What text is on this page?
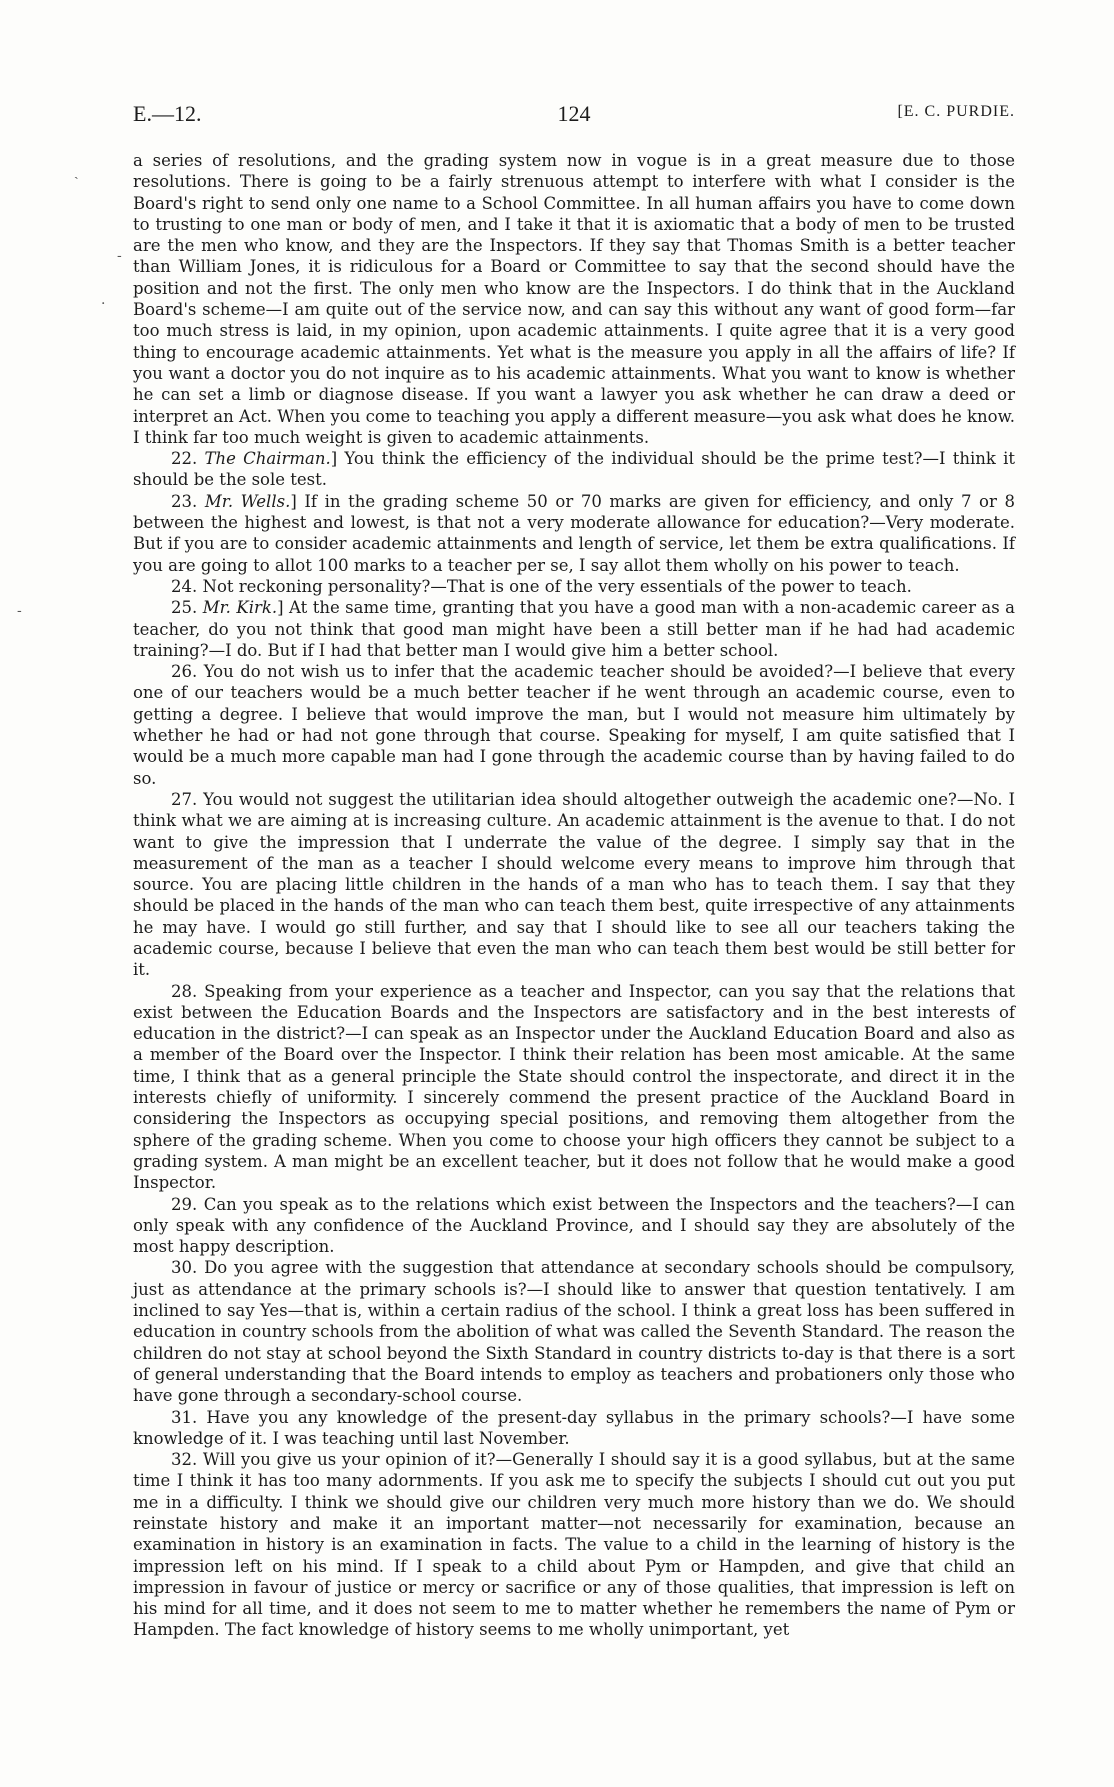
E.—12.	124	[E. C. PURDIE.
ˏ
-
·
-

a series of resolutions, and the grading system now in vogue is in a great measure due to those resolutions. There is going to be a fairly strenuous attempt to interfere with what I consider is the Board's right to send only one name to a School Committee. In all human affairs you have to come down to trusting to one man or body of men, and I take it that it is axiomatic that a body of men to be trusted are the men who know, and they are the Inspectors. If they say that Thomas Smith is a better teacher than William Jones, it is ridiculous for a Board or Committee to say that the second should have the position and not the first. The only men who know are the Inspectors. I do think that in the Auckland Board's scheme—I am quite out of the service now, and can say this without any want of good form—far too much stress is laid, in my opinion, upon academic attainments. I quite agree that it is a very good thing to encourage academic attainments. Yet what is the measure you apply in all the affairs of life? If you want a doctor you do not inquire as to his academic attainments. What you want to know is whether he can set a limb or diagnose disease. If you want a lawyer you ask whether he can draw a deed or interpret an Act. When you come to teaching you apply a different measure—you ask what does he know. I think far too much weight is given to academic attainments.

22. The Chairman.] You think the efficiency of the individual should be the prime test?—I think it should be the sole test.

23. Mr. Wells.] If in the grading scheme 50 or 70 marks are given for efficiency, and only 7 or 8 between the highest and lowest, is that not a very moderate allowance for education?—Very moderate. But if you are to consider academic attainments and length of service, let them be extra qualifications. If you are going to allot 100 marks to a teacher per se, I say allot them wholly on his power to teach.

24. Not reckoning personality?—That is one of the very essentials of the power to teach.

25. Mr. Kirk.] At the same time, granting that you have a good man with a non-academic career as a teacher, do you not think that good man might have been a still better man if he had had academic training?—I do. But if I had that better man I would give him a better school.

26. You do not wish us to infer that the academic teacher should be avoided?—I believe that every one of our teachers would be a much better teacher if he went through an academic course, even to getting a degree. I believe that would improve the man, but I would not measure him ultimately by whether he had or had not gone through that course. Speaking for myself, I am quite satisfied that I would be a much more capable man had I gone through the academic course than by having failed to do so.

27. You would not suggest the utilitarian idea should altogether outweigh the academic one?—No. I think what we are aiming at is increasing culture. An academic attainment is the avenue to that. I do not want to give the impression that I underrate the value of the degree. I simply say that in the measurement of the man as a teacher I should welcome every means to improve him through that source. You are placing little children in the hands of a man who has to teach them. I say that they should be placed in the hands of the man who can teach them best, quite irrespective of any attainments he may have. I would go still further, and say that I should like to see all our teachers taking the academic course, because I believe that even the man who can teach them best would be still better for it.

28. Speaking from your experience as a teacher and Inspector, can you say that the relations that exist between the Education Boards and the Inspectors are satisfactory and in the best interests of education in the district?—I can speak as an Inspector under the Auckland Education Board and also as a member of the Board over the Inspector. I think their relation has been most amicable. At the same time, I think that as a general principle the State should control the inspectorate, and direct it in the interests chiefly of uniformity. I sincerely commend the present practice of the Auckland Board in considering the Inspectors as occupying special positions, and removing them altogether from the sphere of the grading scheme. When you come to choose your high officers they cannot be subject to a grading system. A man might be an excellent teacher, but it does not follow that he would make a good Inspector.

29. Can you speak as to the relations which exist between the Inspectors and the teachers?—I can only speak with any confidence of the Auckland Province, and I should say they are absolutely of the most happy description.

30. Do you agree with the suggestion that attendance at secondary schools should be compulsory, just as attendance at the primary schools is?—I should like to answer that question tentatively. I am inclined to say Yes—that is, within a certain radius of the school. I think a great loss has been suffered in education in country schools from the abolition of what was called the Seventh Standard. The reason the children do not stay at school beyond the Sixth Standard in country districts to-day is that there is a sort of general understanding that the Board intends to employ as teachers and probationers only those who have gone through a secondary-school course.

31. Have you any knowledge of the present-day syllabus in the primary schools?—I have some knowledge of it. I was teaching until last November.

32. Will you give us your opinion of it?—Generally I should say it is a good syllabus, but at the same time I think it has too many adornments. If you ask me to specify the subjects I should cut out you put me in a difficulty. I think we should give our children very much more history than we do. We should reinstate history and make it an important matter—not necessarily for examination, because an examination in history is an examination in facts. The value to a child in the learning of history is the impression left on his mind. If I speak to a child about Pym or Hampden, and give that child an impression in favour of justice or mercy or sacrifice or any of those qualities, that impression is left on his mind for all time, and it does not seem to me to matter whether he remembers the name of Pym or Hampden. The fact knowledge of history seems to me wholly unimportant, yet
